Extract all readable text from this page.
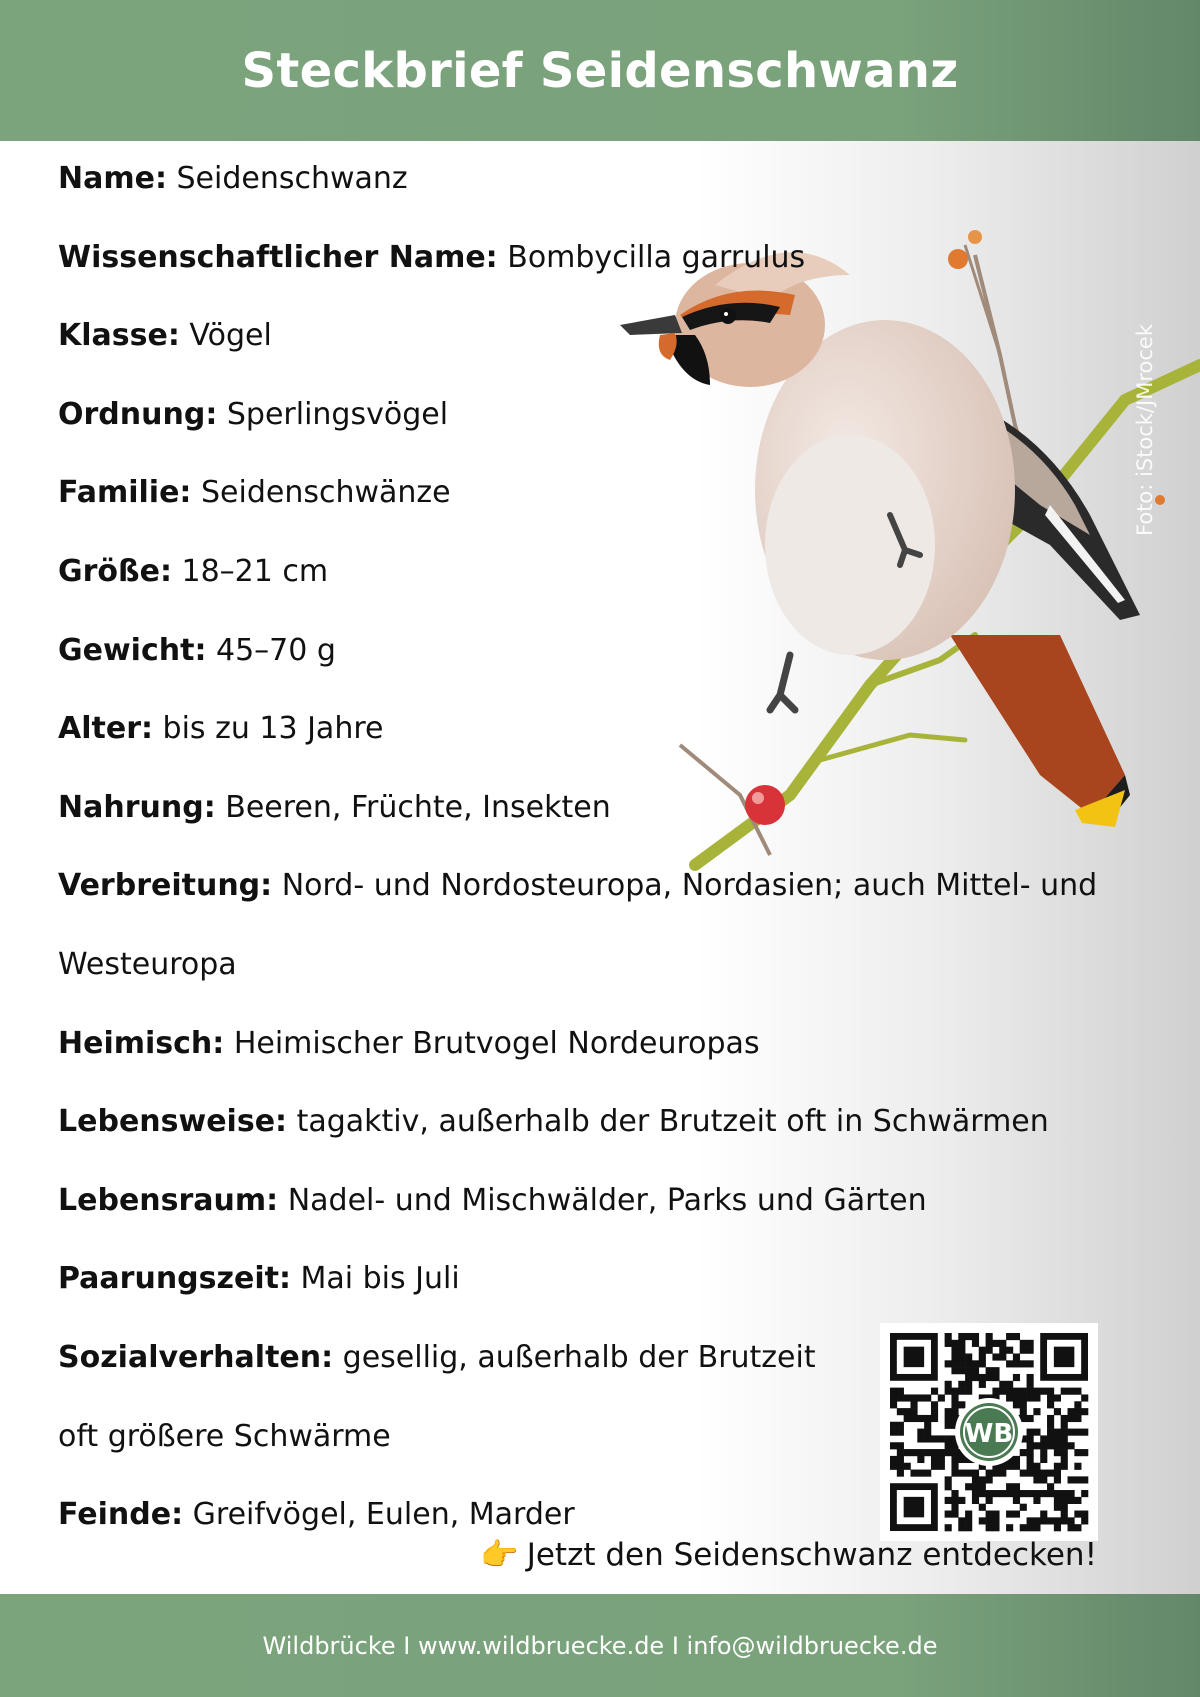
Steckbrief Seidenschwanz
Foto: iStock/JMrocek
Name: Seidenschwanz
Wissenschaftlicher Name: Bombycilla garrulus
Klasse: Vögel
Ordnung: Sperlingsvögel
Familie: Seidenschwänze
Größe: 18–21 cm
Gewicht: 45–70 g
Alter: bis zu 13 Jahre
Nahrung: Beeren, Früchte, Insekten
Verbreitung: Nord- und Nordosteuropa, Nordasien; auch Mittel- und
Westeuropa
Heimisch: Heimischer Brutvogel Nordeuropas
Lebensweise: tagaktiv, außerhalb der Brutzeit oft in Schwärmen
Lebensraum: Nadel- und Mischwälder, Parks und Gärten
Paarungszeit: Mai bis Juli
Sozialverhalten: gesellig, außerhalb der Brutzeit
oft größere Schwärme
Feinde: Greifvögel, Eulen, Marder
WB
👉 Jetzt den Seidenschwanz entdecken!
Wildbrücke I www.wildbruecke.de I info@wildbruecke.de
